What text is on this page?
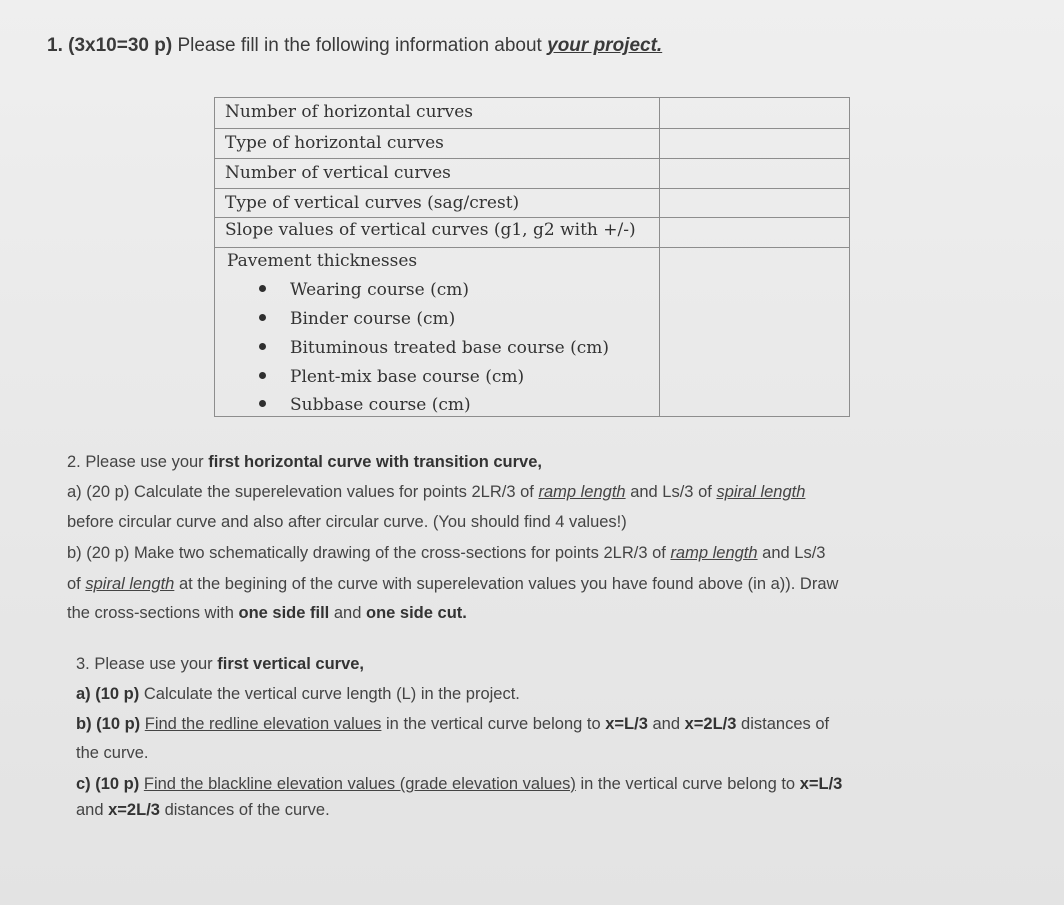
1. (3x10=30 p) Please fill in the following information about your project.
Number of horizontal curves
Type of horizontal curves
Number of vertical curves
Type of vertical curves (sag/crest)
Slope values of vertical curves (g1, g2 with +/-)
Pavement thicknesses
Wearing course (cm)
Binder course (cm)
Bituminous treated base course (cm)
Plent-mix base course (cm)
Subbase course (cm)
2. Please use your first horizontal curve with transition curve,
a) (20 p) Calculate the superelevation values for points 2LR/3 of ramp length and Ls/3 of spiral length
before circular curve and also after circular curve. (You should find 4 values!)
b) (20 p) Make two schematically drawing of the cross-sections for points 2LR/3 of ramp length and Ls/3
of spiral length at the begining of the curve with superelevation values you have found above (in a)). Draw
the cross-sections with one side fill and one side cut.
3. Please use your first vertical curve,
a) (10 p) Calculate the vertical curve length (L) in the project.
b) (10 p) Find the redline elevation values in the vertical curve belong to x=L/3 and x=2L/3 distances of
the curve.
c) (10 p) Find the blackline elevation values (grade elevation values) in the vertical curve belong to x=L/3
and x=2L/3 distances of the curve.
